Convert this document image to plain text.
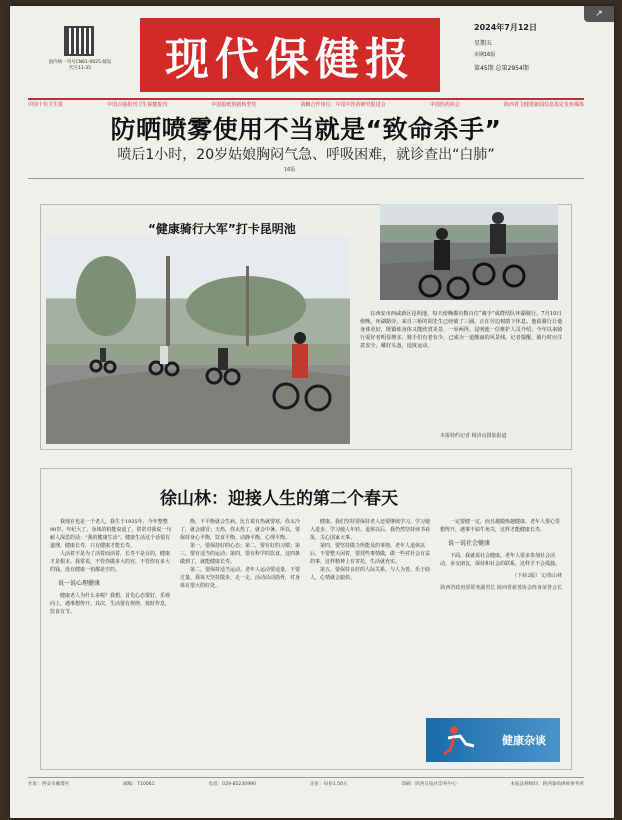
↗
国内统一刊号CN61-0025 邮发代号11-35	现代保健报
2024年7月12日
星期五
本期16版
第45期 总第2954期
中国十佳卫生报	中国百强报刊卫生保健报刊	中国报纸创新转型奖	战略合作单位：中国中医药研究促进会	中国医药协会	陕西省卫健委新闻信息指定发布媒体
防晒喷雾使用不当就是“致命杀手”
喷后1小时，20岁姑娘胸闷气急、呼吸困难，就诊查出“白肺”
16版
“健康骑行大军”打卡昆明池
在西安市西咸新区昆明池，每天傍晚都有数百位“骑手”成群结队环湖骑行。7月10日傍晚，环湖路旁，来自三桥的胡先生已经骑了三圈，正在旁边树荫下休息。他说骑行让他身体更好，既锻炼身体又能欣赏美景，一举两得。昆明池一位维护人员介绍，今年以来骑行爱好者明显增多，骑手们有老有少，已成为一道靓丽的风景线。记者提醒，骑行时应注意安全，戴好头盔，适度运动。
本报特约记者 杨济良摄影报道
徐山林：迎接人生的第二个春天

我现在也是一个老人，我生于1935年，今年整整90岁。年纪大了，身体的机能衰退了，常常对我说一句耐人深思的话：“我的健康生活”。健康生活这个话很有道理，健康长寿，只有健康才能长寿。

人活着不是为了活着而活着，长寿不是目的，健康才是根本。我常说，不管你做多大的官，不管你有多大的钱，没有健康一切都是空的。

说一说心理健康

健康老人为什么多呢？我想，首先心态要好，乐观向上，遇事想得开。其次，生活要有规律，按时作息，饮食有节。

衡，不平衡就会生病。比方说有热就要寒，你太冷了，就会感冒；天热，你太热了，就会中暑。所以，要保持身心平衡，饮食平衡、动静平衡、心理平衡。

第一，要保持好的心态；第二，要有好的习惯；第三，要有适当的运动；第四，要有科学的饮食。这四条做到了，就能健康长寿。

第二，要保持适当运动。老年人运动要适量，不要过量。我每天坚持散步，走一走，活动活动筋骨，对身体有很大的好处。

健康。我们坚持要保持老人还要继续学习。学习使人进步，学习使人年轻。退休以后，我仍然坚持读书看报，关心国家大事。

第四，要坚持做力所能及的事情。老年人退休以后，不要整天闲着，要找些事情做，做一些对社会有益的事，这样精神上有寄托，生活就充实。

第五，要保持良好的人际关系。与人为善，乐于助人，心情就会愉快。

一定要健一定，而且越锻炼越健康。老年人要心里想得开，遇事不钻牛角尖，这样才能健康长寿。

说一说社会健康

下面，我就说社会健康。老年人要多参加社会活动，多交朋友，保持和社会的联系，这样才不会孤独。

（下转2版）文/徐山林
陕西省政府原常务副省长 陕西省慈善协会终身荣誉会长
健康杂谈
社址：西安市雁塔区	邮编：710061	电话：029-85230990	定价：每份1.50元	印刷：陕西日报社印务中心	本报法律顾问：陕西秦尚律师事务所
